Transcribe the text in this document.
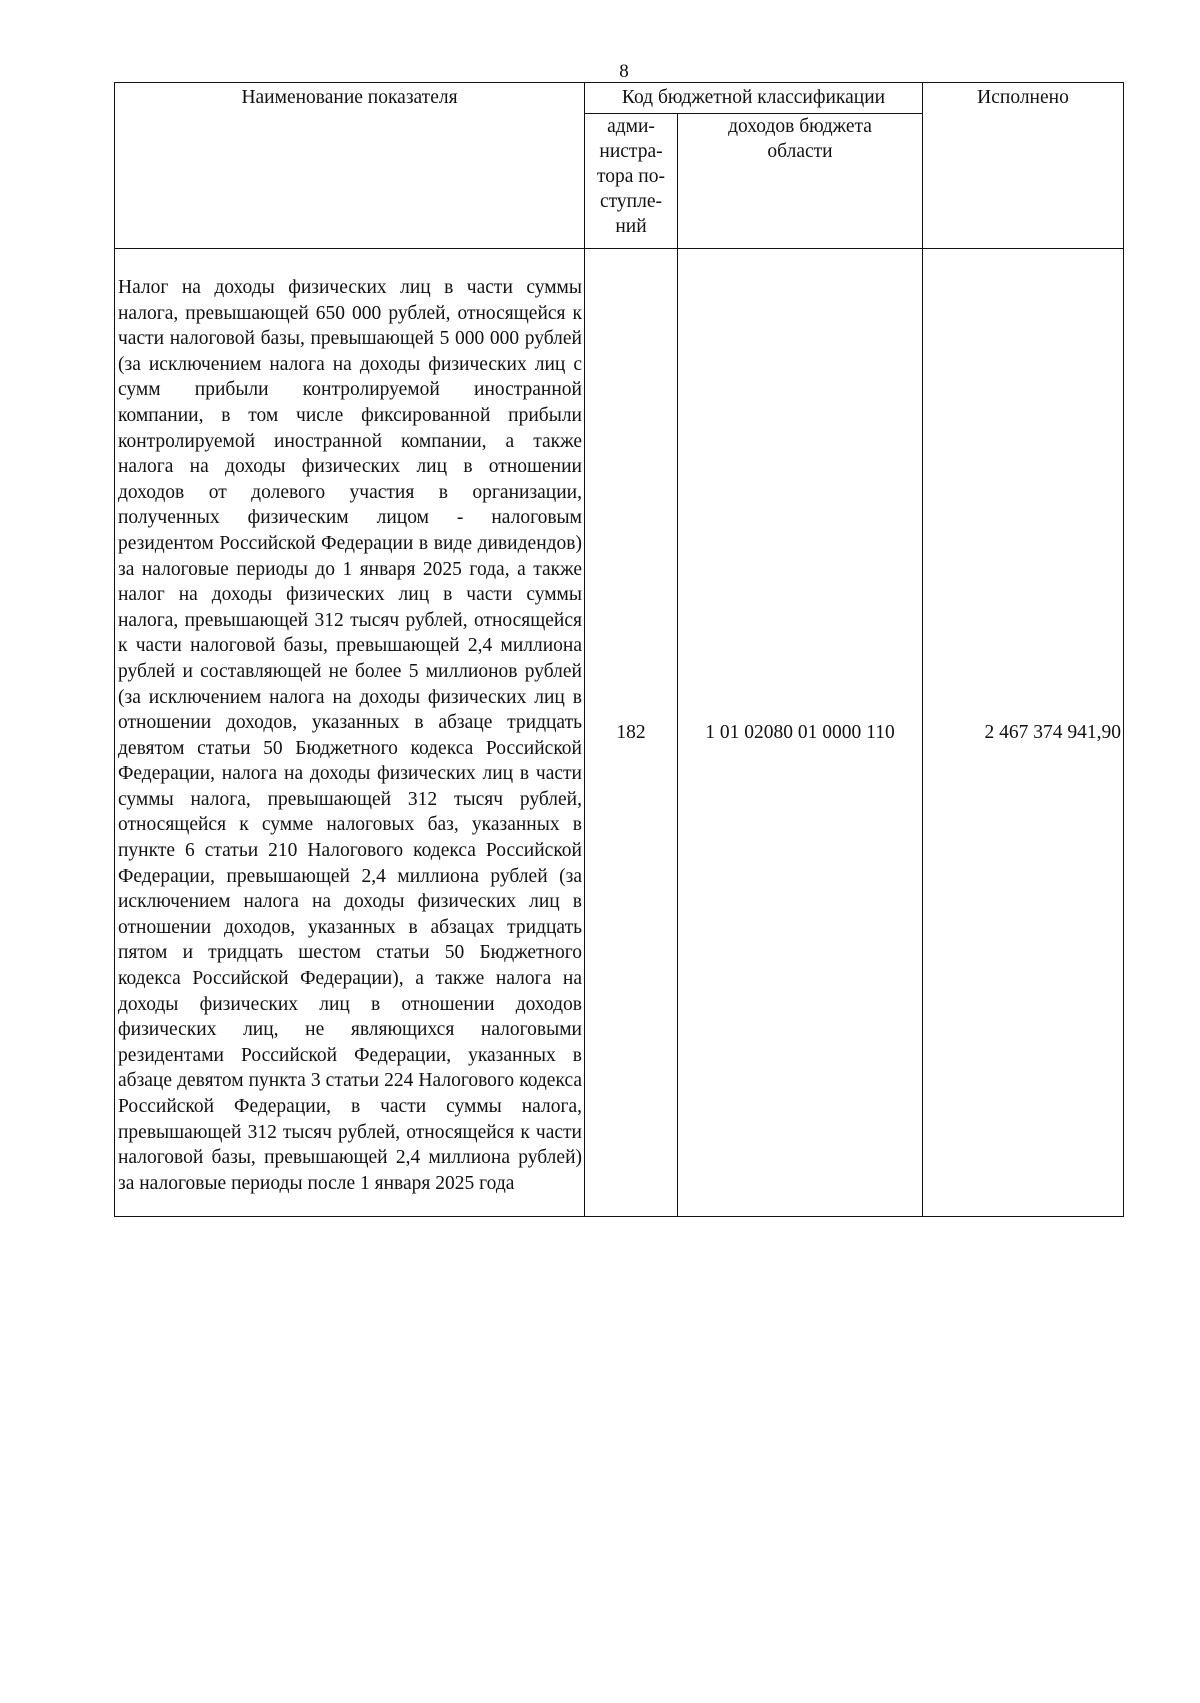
8
Наименование показателя	Код бюджетной классификации		Исполнено

	адми-
нистра-
тора по-
ступле-
ний	доходов бюджета
области	

Налог на доходы физических лиц в части суммы налога, превышающей 650 000 рублей, относящейся к части налоговой базы, превышающей 5 000 000 рублей (за исключением налога на доходы физических лиц с сумм прибыли контролируемой иностранной компании, в том числе фиксированной прибыли контролируемой иностранной компании, а также налога на доходы физических лиц в отношении доходов от долевого участия в организации, полученных физическим лицом - налоговым резидентом Российской Федерации в виде дивидендов) за налоговые периоды до 1 января 2025 года, а также налог на доходы физических лиц в части суммы налога, превышающей 312 тысяч рублей, относящейся к части налоговой базы, превышающей 2,4 миллиона рублей и составляющей не более 5 миллионов рублей (за исключением налога на доходы физических лиц в отношении доходов, указанных в абзаце тридцать девятом статьи 50 Бюджетного кодекса Российской Федерации, налога на доходы физических лиц в части суммы налога, превышающей 312 тысяч рублей, относящейся к сумме налоговых баз, указанных в пункте 6 статьи 210 Налогового кодекса Российской Федерации, превышающей 2,4 миллиона рублей (за исключением налога на доходы физических лиц в отношении доходов, указанных в абзацах тридцать пятом и тридцать шестом статьи 50 Бюджетного кодекса Российской Федерации), а также налога на доходы физических лиц в отношении доходов физических лиц, не являющихся налоговыми резидентами Российской Федерации, указанных в абзаце девятом пункта 3 статьи 224 Налогового кодекса Российской Федерации, в части суммы налога, превышающей 312 тысяч рублей, относящейся к части налоговой базы, превышающей 2,4 миллиона рублей) за налоговые периоды после 1 января 2025 года	182	1 01 02080 01 0000 110	2 467 374 941,90
